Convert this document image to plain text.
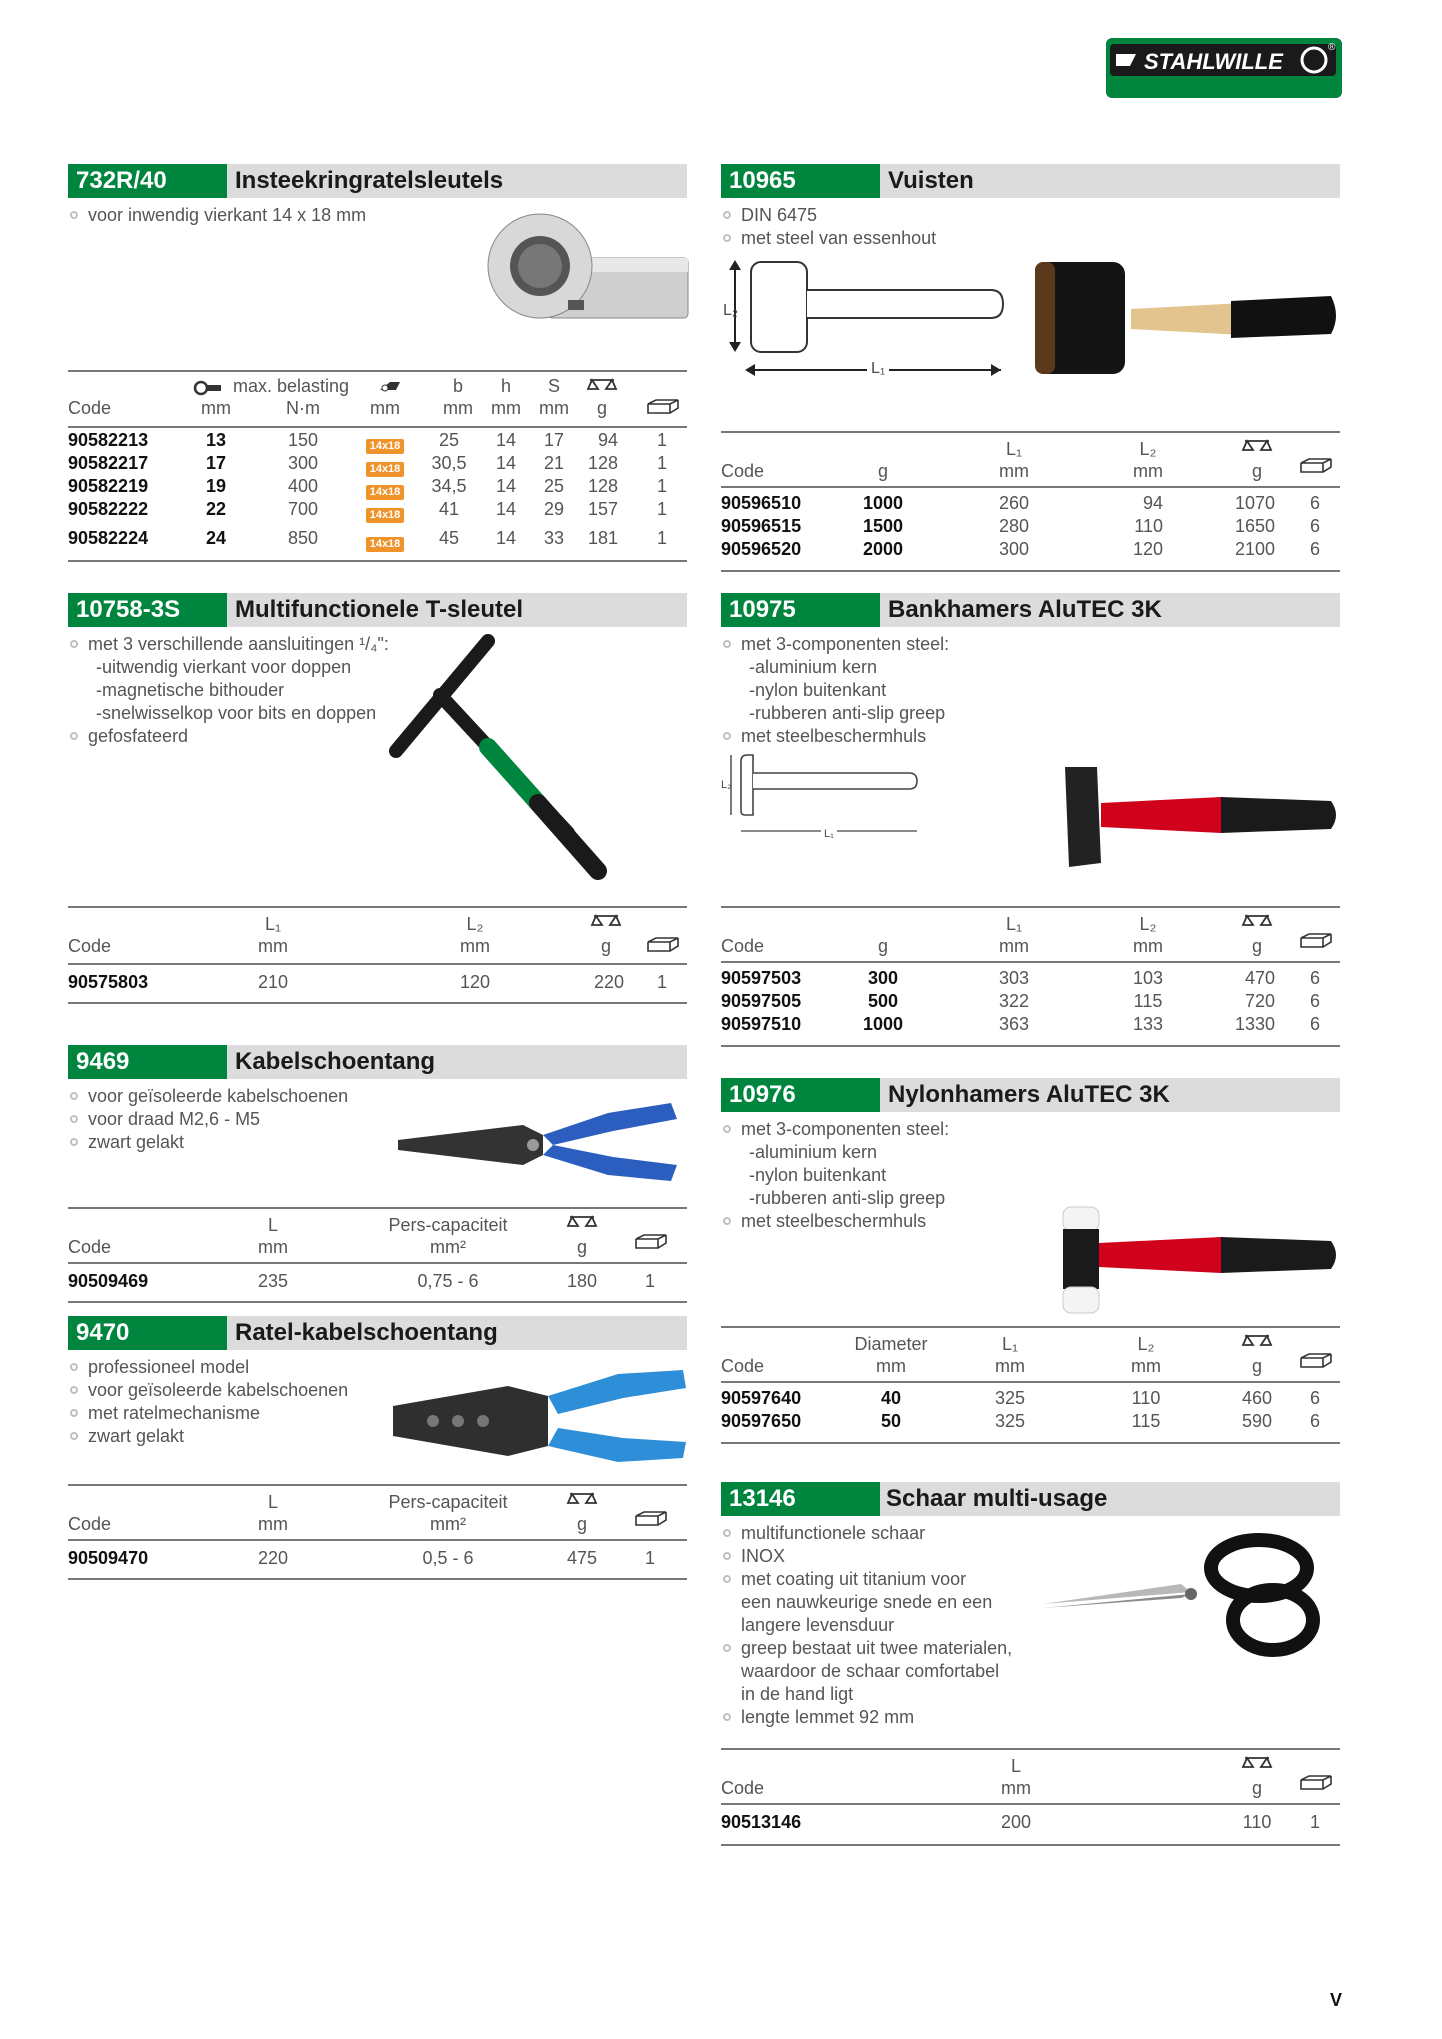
STAHLWILLE
®
732R/40	Insteekringratelsleutels
voor inwendig vierkant 14 x 18 mm
max. belasting	b	h	S
Code	mm	N·m	mm	mm mm mm	g
90582213	13	150	14x18	25	14	17	94 1
90582217	17	300	14x18	30,5	14	21	128 1
90582219	19	400	14x18	34,5	14	25	128 1
90582222	22	700	14x18	41	14	29	157 1
90582224	24	850	14x18	45	14	33	181 1
10758-3S	Multifunctionele T-sleutel
met 3 verschillende aansluitingen ¹/₄":
-uitwendig vierkant voor doppen
-magnetische bithouder
-snelwisselkop voor bits en doppen
gefosfateerd
L₁	L₂
Code	mm	mm	g
90575803	210	120	220 1
9469	Kabelschoentang
voor geïsoleerde kabelschoenen
voor draad M2,6 - M5
zwart gelakt
L	Pers-capaciteit
Code	mm	mm²	g
90509469	235	0,75 - 6	180	1
9470	Ratel-kabelschoentang
professioneel model
voor geïsoleerde kabelschoenen
met ratelmechanisme
zwart gelakt
L	Pers-capaciteit
Code	mm	mm²	g
90509470	220	0,5 - 6	475	1
10965	Vuisten
DIN 6475
met steel van essenhout
L₂
L₁
L₁	L₂
Code	g	mm	mm	g
90596510	1000	260	94	1070 6
90596515	1500	280	110	1650 6
90596520	2000	300	120	2100 6
10975	Bankhamers AluTEC 3K
met 3-componenten steel:
-aluminium kern
-nylon buitenkant
-rubberen anti-slip greep
met steelbeschermhuls
L₂
L₁
L₁	L₂
Code	g	mm	mm	g
90597503	300	303	103	470 6
90597505	500	322	115	720 6
90597510	1000	363	133	1330 6
10976	Nylonhamers AluTEC 3K
met 3-componenten steel:
-aluminium kern
-nylon buitenkant
-rubberen anti-slip greep
met steelbeschermhuls
Diameter	L₁	L₂
Code	mm	mm	mm	g
90597640	40	325	110	460 6
90597650	50	325	115	590 6
13146	Schaar multi-usage
multifunctionele schaar
INOX
met coating uit titanium voor
een nauwkeurige snede en een
langere levensduur
greep bestaat uit twee materialen,
waardoor de schaar comfortabel
in de hand ligt
lengte lemmet 92 mm
L
Code	mm	g
90513146	200	110	1
V
